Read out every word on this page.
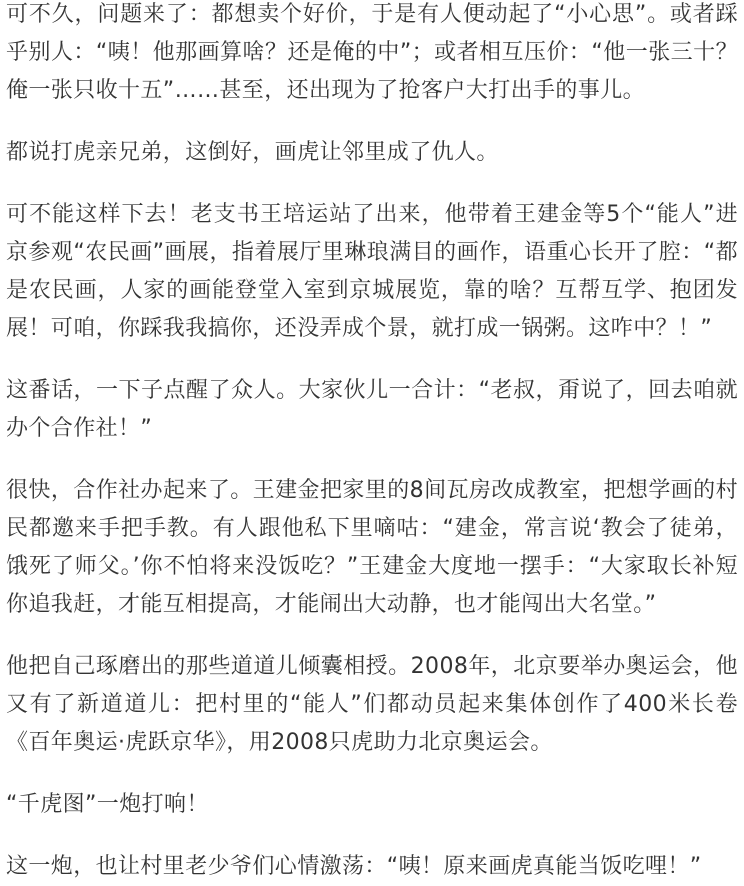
可不久，问题来了：都想卖个好价，于是有人便动起了“小心思”。或者踩乎别人：“咦！他那画算啥？还是俺的中”；或者相互压价：“他一张三十？俺一张只收十五”……甚至，还出现为了抢客户大打出手的事儿。

都说打虎亲兄弟，这倒好，画虎让邻里成了仇人。

可不能这样下去！老支书王培运站了出来，他带着王建金等5个“能人”进京参观“农民画”画展，指着展厅里琳琅满目的画作，语重心长开了腔：“都是农民画，人家的画能登堂入室到京城展览，靠的啥？互帮互学、抱团发展！可咱，你踩我我搞你，还没弄成个景，就打成一锅粥。这咋中？！”

这番话，一下子点醒了众人。大家伙儿一合计：“老叔，甭说了，回去咱就办个合作社！”

很快，合作社办起来了。王建金把家里的8间瓦房改成教室，把想学画的村民都邀来手把手教。有人跟他私下里嘀咕：“建金，常言说‘教会了徒弟，饿死了师父。’你不怕将来没饭吃？”王建金大度地一摆手：“大家取长补短你追我赶，才能互相提高，才能闹出大动静，也才能闯出大名堂。”

他把自己琢磨出的那些道道儿倾囊相授。2008年，北京要举办奥运会，他又有了新道道儿：把村里的“能人”们都动员起来集体创作了400米长卷《百年奥运·虎跃京华》，用2008只虎助力北京奥运会。

“千虎图”一炮打响！

这一炮，也让村里老少爷们心情激荡：“咦！原来画虎真能当饭吃哩！”
